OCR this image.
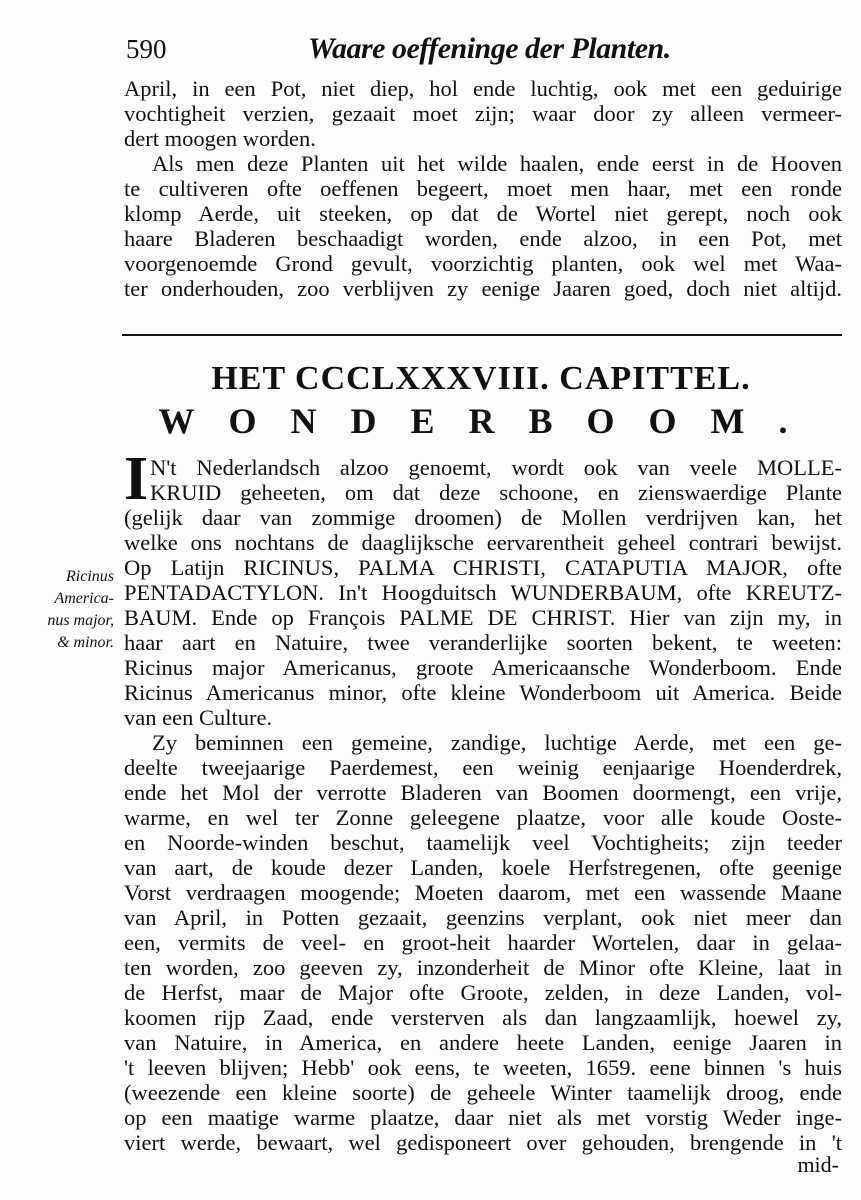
590	Waare oeffeninge der Planten.
April, in een Pot, niet diep, hol ende luchtig, ook met een geduirige
vochtigheit verzien, gezaait moet zijn; waar door zy alleen vermeer-
dert moogen worden.
Als men deze Planten uit het wilde haalen, ende eerst in de Hooven
te cultiveren ofte oeffenen begeert, moet men haar, met een ronde
klomp Aerde, uit steeken, op dat de Wortel niet gerept, noch ook
haare Bladeren beschaadigt worden, ende alzoo, in een Pot, met
voorgenoemde Grond gevult, voorzichtig planten, ook wel met Waa-
ter onderhouden, zoo verblijven zy eenige Jaaren goed, doch niet altijd.
HET CCCLXXXVIII. CAPITTEL.
WONDERBOOM.
I N't Nederlandsch alzoo genoemt, wordt ook van veele MOLLE-
KRUID geheeten, om dat deze schoone, en zienswaerdige Plante
(gelijk daar van zommige droomen) de Mollen verdrijven kan, het
welke ons nochtans de daaglijksche eervarentheit geheel contrari bewijst.
Op Latijn RICINUS, PALMA CHRISTI, CATAPUTIA MAJOR, ofte
PENTADACTYLON. In't Hoogduitsch WUNDERBAUM, ofte KREUTZ-
BAUM. Ende op François PALME DE CHRIST. Hier van zijn my, in
haar aart en Natuire, twee veranderlijke soorten bekent, te weeten:
Ricinus major Americanus, groote Americaansche Wonderboom. Ende
Ricinus Americanus minor, ofte kleine Wonderboom uit America. Beide
van een Culture.
Ricinus
America-
nus major,
& minor.
Zy beminnen een gemeine, zandige, luchtige Aerde, met een ge-
deelte tweejaarige Paerdemest, een weinig eenjaarige Hoenderdrek,
ende het Mol der verrotte Bladeren van Boomen doormengt, een vrije,
warme, en wel ter Zonne geleegene plaatze, voor alle koude Ooste-
en Noorde-winden beschut, taamelijk veel Vochtigheits; zijn teeder
van aart, de koude dezer Landen, koele Herfstregenen, ofte geenige
Vorst verdraagen moogende; Moeten daarom, met een wassende Maane
van April, in Potten gezaait, geenzins verplant, ook niet meer dan
een, vermits de veel- en groot-heit haarder Wortelen, daar in gelaa-
ten worden, zoo geeven zy, inzonderheit de Minor ofte Kleine, laat in
de Herfst, maar de Major ofte Groote, zelden, in deze Landen, vol-
koomen rijp Zaad, ende versterven als dan langzaamlijk, hoewel zy,
van Natuire, in America, en andere heete Landen, eenige Jaaren in
't leeven blijven; Hebb' ook eens, te weeten, 1659. eene binnen 's huis
(weezende een kleine soorte) de geheele Winter taamelijk droog, ende
op een maatige warme plaatze, daar niet als met vorstig Weder inge-
viert werde, bewaart, wel gedisponeert over gehouden, brengende in 't
mid-
